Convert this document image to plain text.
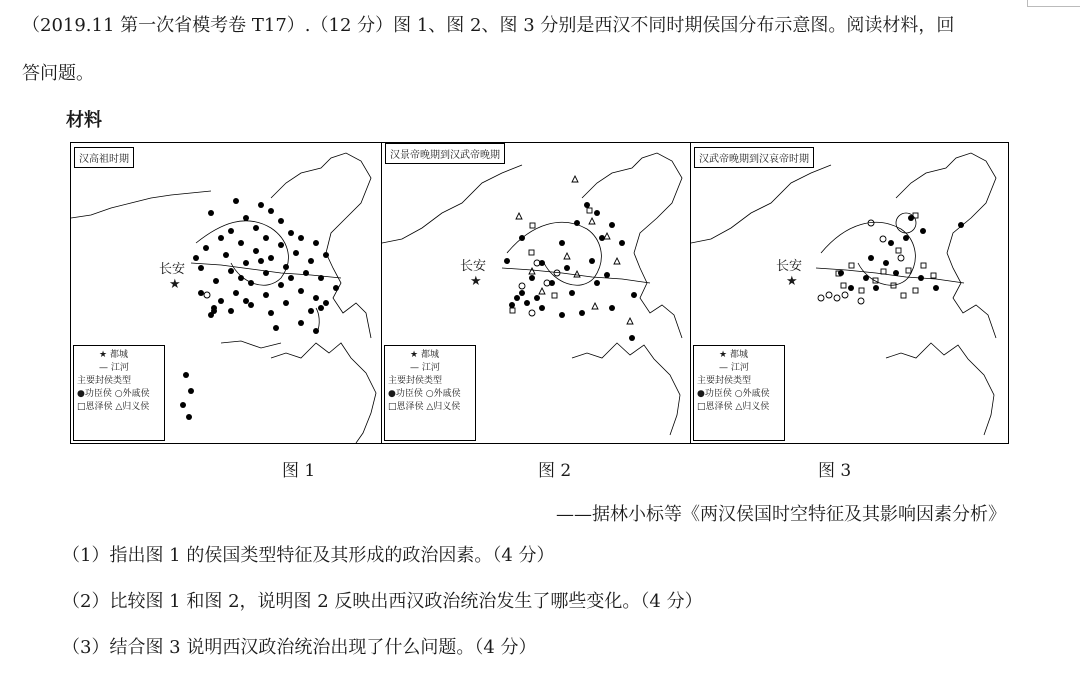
（2019.11 第一次省模考卷 T17）.（12 分）图 1、图 2、图 3 分别是西汉不同时期侯国分布示意图。阅读材料，回
答问题。
材料
汉高祖时期
长安
★
★ 都城
— 江河
主要封侯类型
●功臣侯 ○外戚侯
□恩泽侯 △归义侯
汉景帝晚期到汉武帝晚期
长安
★
★ 都城
— 江河
主要封侯类型
●功臣侯 ○外戚侯
□恩泽侯 △归义侯
汉武帝晚期到汉哀帝时期
长安
★
★ 都城
— 江河
主要封侯类型
●功臣侯 ○外戚侯
□恩泽侯 △归义侯
图 1	图 2	图 3
——据林小标等《两汉侯国时空特征及其影响因素分析》
（1）指出图 1 的侯国类型特征及其形成的政治因素。（4 分）
（2）比较图 1 和图 2，说明图 2 反映出西汉政治统治发生了哪些变化。（4 分）
（3）结合图 3 说明西汉政治统治出现了什么问题。（4 分）
